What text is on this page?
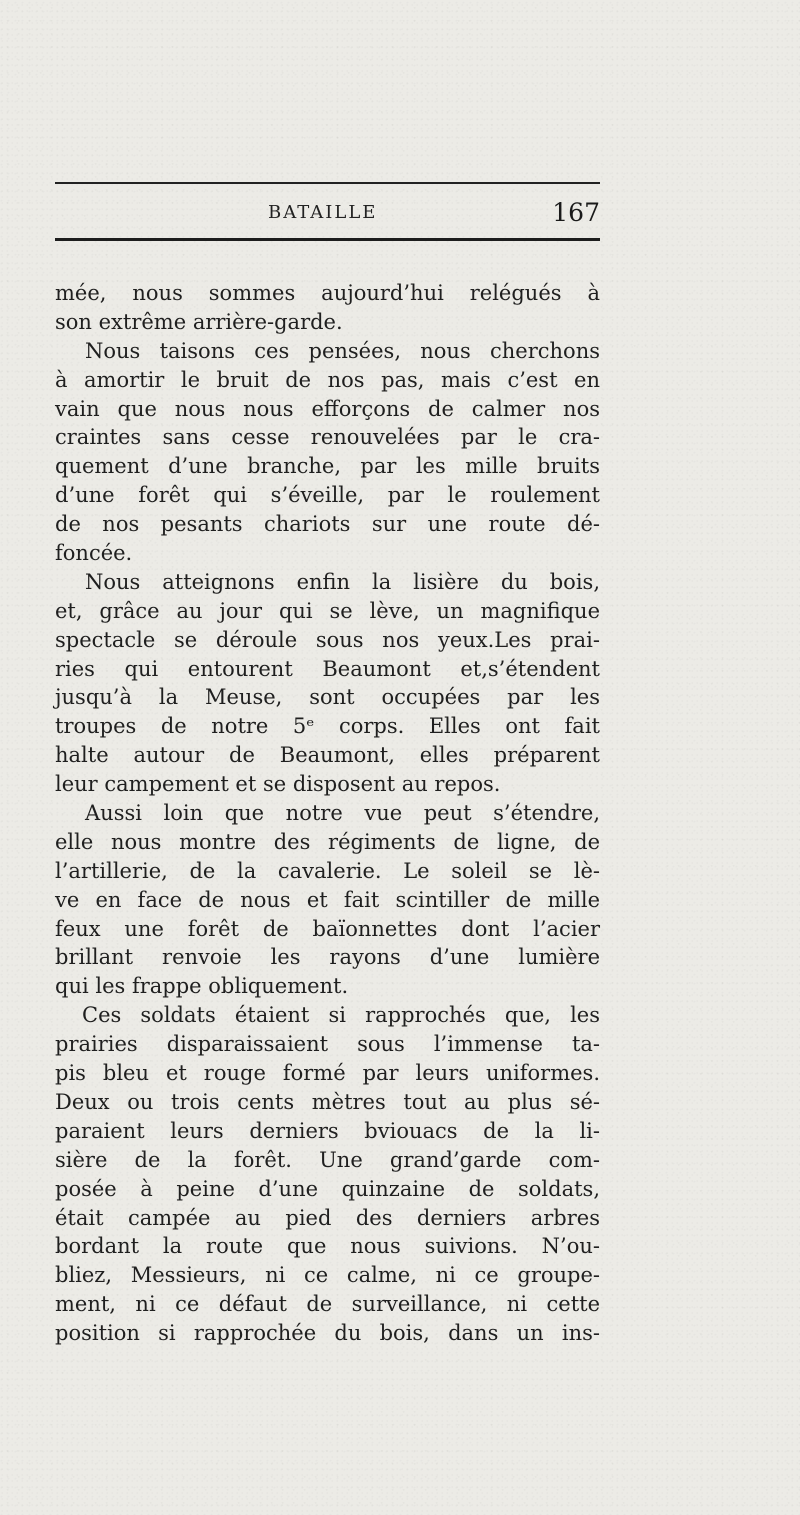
BATAILLE	167
mée, nous sommes aujourd’hui relégués à
son extrême arrière-garde.
Nous taisons ces pensées, nous cherchons
à amortir le bruit de nos pas, mais c’est en
vain que nous nous efforçons de calmer nos
craintes sans cesse renouvelées par le cra-
quement d’une branche, par les mille bruits
d’une forêt qui s’éveille, par le roulement
de nos pesants chariots sur une route dé-
foncée.
Nous atteignons enfin la lisière du bois,
et, grâce au jour qui se lève, un magnifique
spectacle se déroule sous nos yeux.Les prai-
ries qui entourent Beaumont et,s’étendent
jusqu’à la Meuse, sont occupées par les
troupes de notre 5ᵉ corps. Elles ont fait
halte autour de Beaumont, elles préparent
leur campement et se disposent au repos.
Aussi loin que notre vue peut s’étendre,
elle nous montre des régiments de ligne, de
l’artillerie, de la cavalerie. Le soleil se lè-
ve en face de nous et fait scintiller de mille
feux une forêt de baïonnettes dont l’acier
brillant renvoie les rayons d’une lumière
qui les frappe obliquement.
Ces soldats étaient si rapprochés que, les
prairies disparaissaient sous l’immense ta-
pis bleu et rouge formé par leurs uniformes.
Deux ou trois cents mètres tout au plus sé-
paraient leurs derniers bviouacs de la li-
sière de la forêt. Une grand’garde com-
posée à peine d’une quinzaine de soldats,
était campée au pied des derniers arbres
bordant la route que nous suivions. N’ou-
bliez, Messieurs, ni ce calme, ni ce groupe-
ment, ni ce défaut de surveillance, ni cette
position si rapprochée du bois, dans un ins-
